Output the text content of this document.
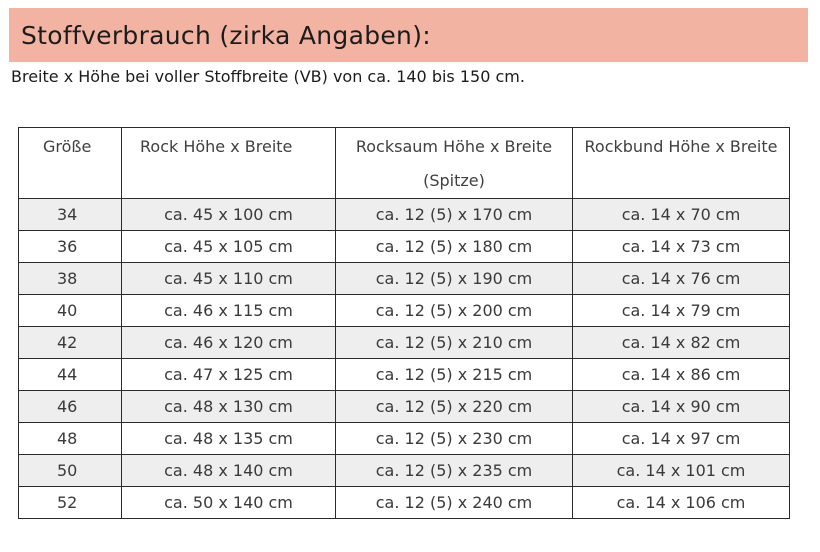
Stoffverbrauch (zirka Angaben):
Breite x Höhe bei voller Stoffbreite (VB) von ca. 140 bis 150 cm.
Größe	Rock Höhe x Breite	Rocksaum Höhe x Breite (Spitze)	Rockbund Höhe x Breite
34	ca. 45 x 100 cm	ca. 12 (5) x 170 cm	ca. 14 x 70 cm
36	ca. 45 x 105 cm	ca. 12 (5) x 180 cm	ca. 14 x 73 cm
38	ca. 45 x 110 cm	ca. 12 (5) x 190 cm	ca. 14 x 76 cm
40	ca. 46 x 115 cm	ca. 12 (5) x 200 cm	ca. 14 x 79 cm
42	ca. 46 x 120 cm	ca. 12 (5) x 210 cm	ca. 14 x 82 cm
44	ca. 47 x 125 cm	ca. 12 (5) x 215 cm	ca. 14 x 86 cm
46	ca. 48 x 130 cm	ca. 12 (5) x 220 cm	ca. 14 x 90 cm
48	ca. 48 x 135 cm	ca. 12 (5) x 230 cm	ca. 14 x 97 cm
50	ca. 48 x 140 cm	ca. 12 (5) x 235 cm	ca. 14 x 101 cm
52	ca. 50 x 140 cm	ca. 12 (5) x 240 cm	ca. 14 x 106 cm
